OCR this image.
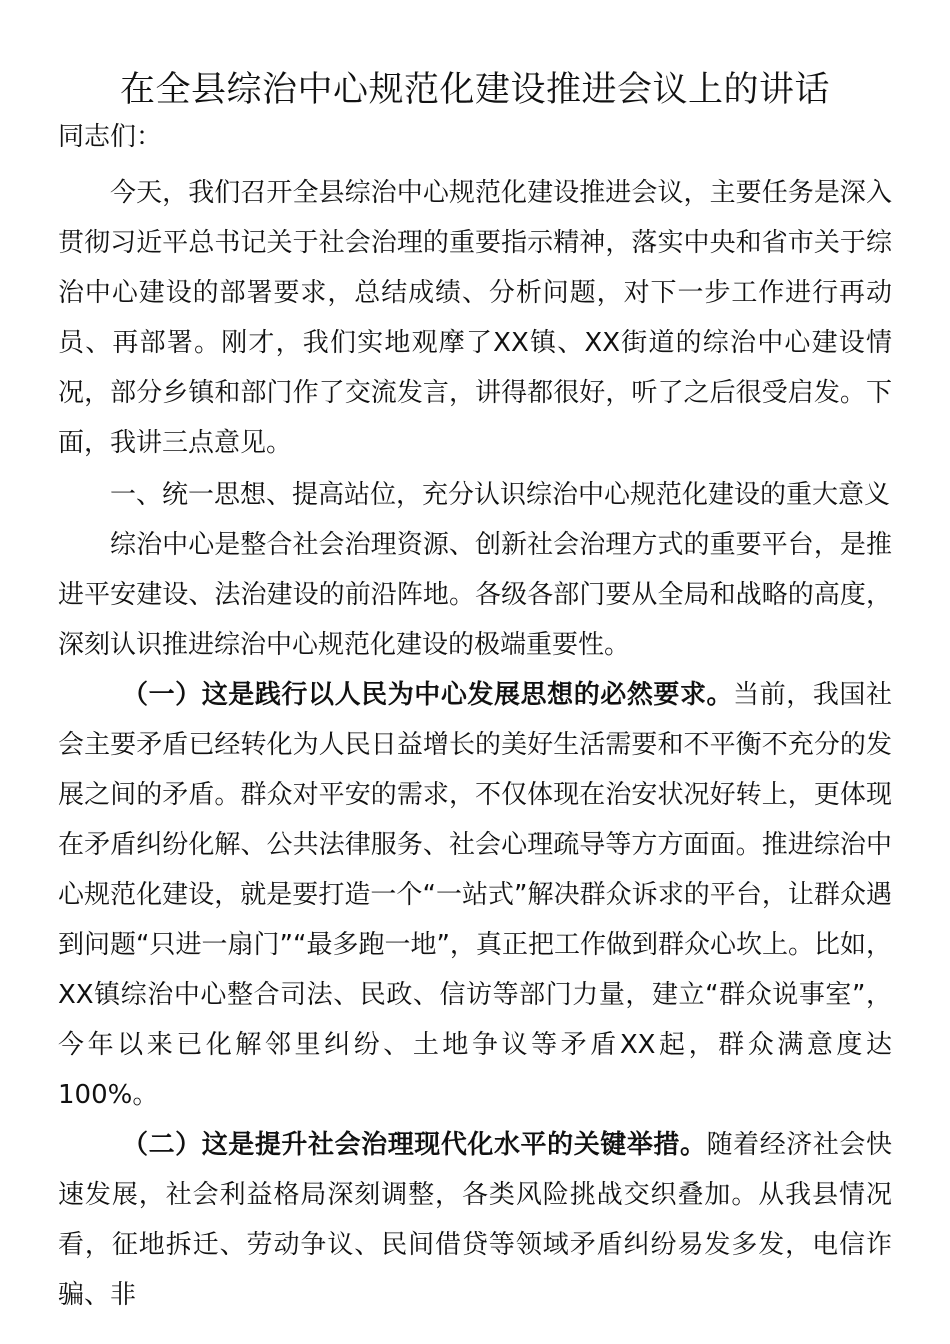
在全县综治中心规范化建设推进会议上的讲话

同志们：

今天，我们召开全县综治中心规范化建设推进会议，主要任务是深入贯彻习近平总书记关于社会治理的重要指示精神，落实中央和省市关于综治中心建设的部署要求，总结成绩、分析问题，对下一步工作进行再动员、再部署。刚才，我们实地观摩了XX镇、XX街道的综治中心建设情况，部分乡镇和部门作了交流发言，讲得都很好，听了之后很受启发。下面，我讲三点意见。

一、统一思想、提高站位，充分认识综治中心规范化建设的重大意义

综治中心是整合社会治理资源、创新社会治理方式的重要平台，是推进平安建设、法治建设的前沿阵地。各级各部门要从全局和战略的高度，深刻认识推进综治中心规范化建设的极端重要性。

（一）这是践行以人民为中心发展思想的必然要求。当前，我国社会主要矛盾已经转化为人民日益增长的美好生活需要和不平衡不充分的发展之间的矛盾。群众对平安的需求，不仅体现在治安状况好转上，更体现在矛盾纠纷化解、公共法律服务、社会心理疏导等方方面面。推进综治中心规范化建设，就是要打造一个“一站式”解决群众诉求的平台，让群众遇到问题“只进一扇门”“最多跑一地”，真正把工作做到群众心坎上。比如，XX镇综治中心整合司法、民政、信访等部门力量，建立“群众说事室”，今年以来已化解邻里纠纷、土地争议等矛盾XX起，群众满意度达100%。

（二）这是提升社会治理现代化水平的关键举措。随着经济社会快速发展，社会利益格局深刻调整，各类风险挑战交织叠加。从我县情况看，征地拆迁、劳动争议、民间借贷等领域矛盾纠纷易发多发，电信诈骗、非
